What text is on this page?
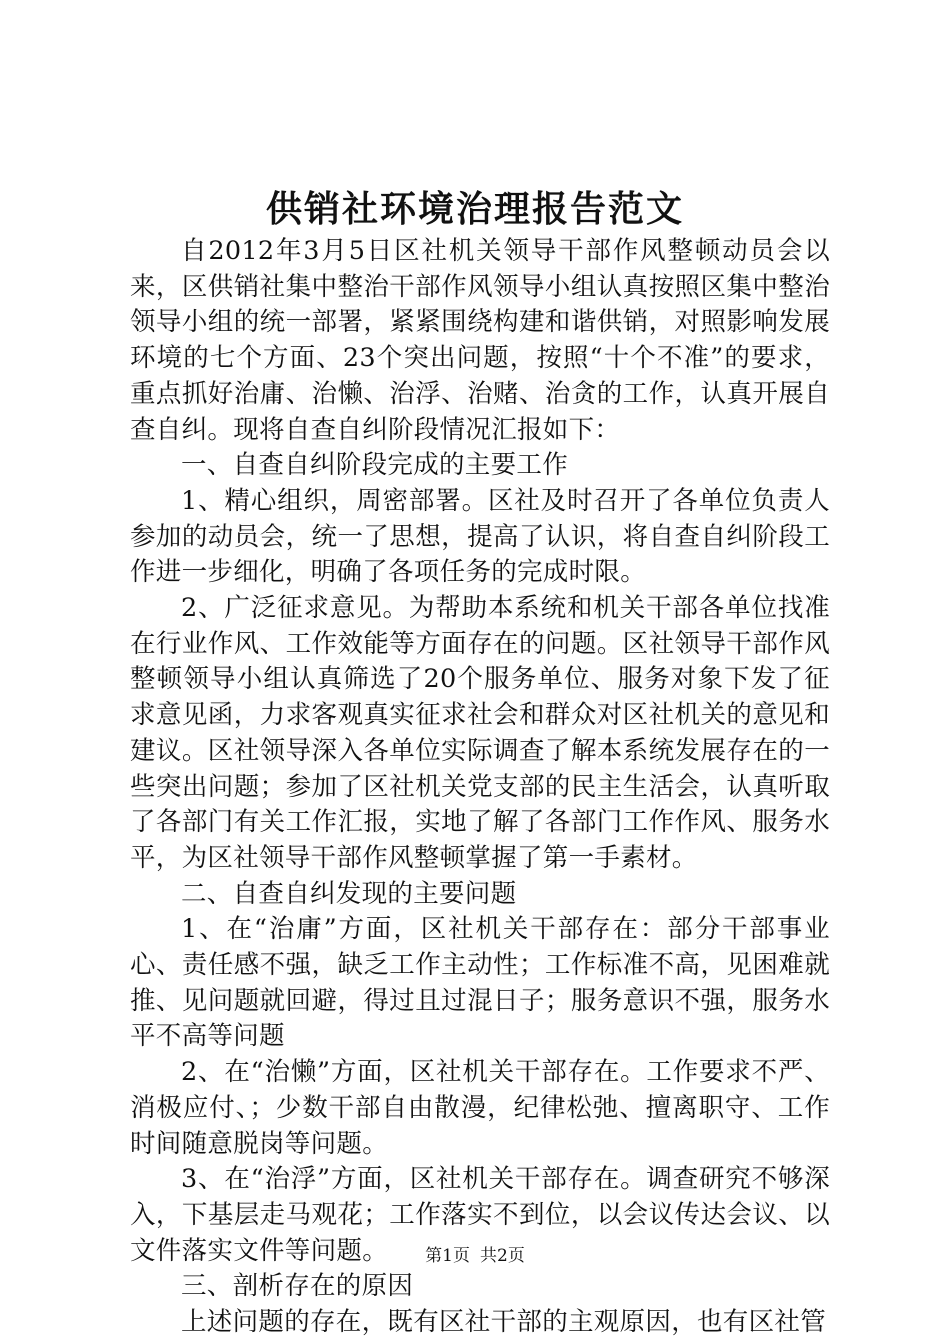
供销社环境治理报告范文

自2012年3月5日区社机关领导干部作风整顿动员会以来，区供销社集中整治干部作风领导小组认真按照区集中整治领导小组的统一部署，紧紧围绕构建和谐供销，对照影响发展环境的七个方面、23个突出问题，按照“十个不准”的要求，重点抓好治庸、治懒、治浮、治赌、治贪的工作，认真开展自查自纠。现将自查自纠阶段情况汇报如下：

一、自查自纠阶段完成的主要工作

1、精心组织，周密部署。区社及时召开了各单位负责人参加的动员会，统一了思想，提高了认识，将自查自纠阶段工作进一步细化，明确了各项任务的完成时限。

2、广泛征求意见。为帮助本系统和机关干部各单位找准在行业作风、工作效能等方面存在的问题。区社领导干部作风整顿领导小组认真筛选了20个服务单位、服务对象下发了征求意见函，力求客观真实征求社会和群众对区社机关的意见和建议。区社领导深入各单位实际调查了解本系统发展存在的一些突出问题；参加了区社机关党支部的民主生活会，认真听取了各部门有关工作汇报，实地了解了各部门工作作风、服务水平，为区社领导干部作风整顿掌握了第一手素材。

二、自查自纠发现的主要问题

1、在“治庸”方面，区社机关干部存在：部分干部事业心、责任感不强，缺乏工作主动性；工作标准不高，见困难就推、见问题就回避，得过且过混日子；服务意识不强，服务水平不高等问题

2、在“治懒”方面，区社机关干部存在。工作要求不严、消极应付、；少数干部自由散漫，纪律松弛、擅离职守、工作时间随意脱岗等问题。

3、在“治浮”方面，区社机关干部存在。调查研究不够深入，下基层走马观花；工作落实不到位，以会议传达会议、以文件落实文件等问题。

三、剖析存在的原因

上述问题的存在，既有区社干部的主观原因，也有区社管

第1页 共2页
